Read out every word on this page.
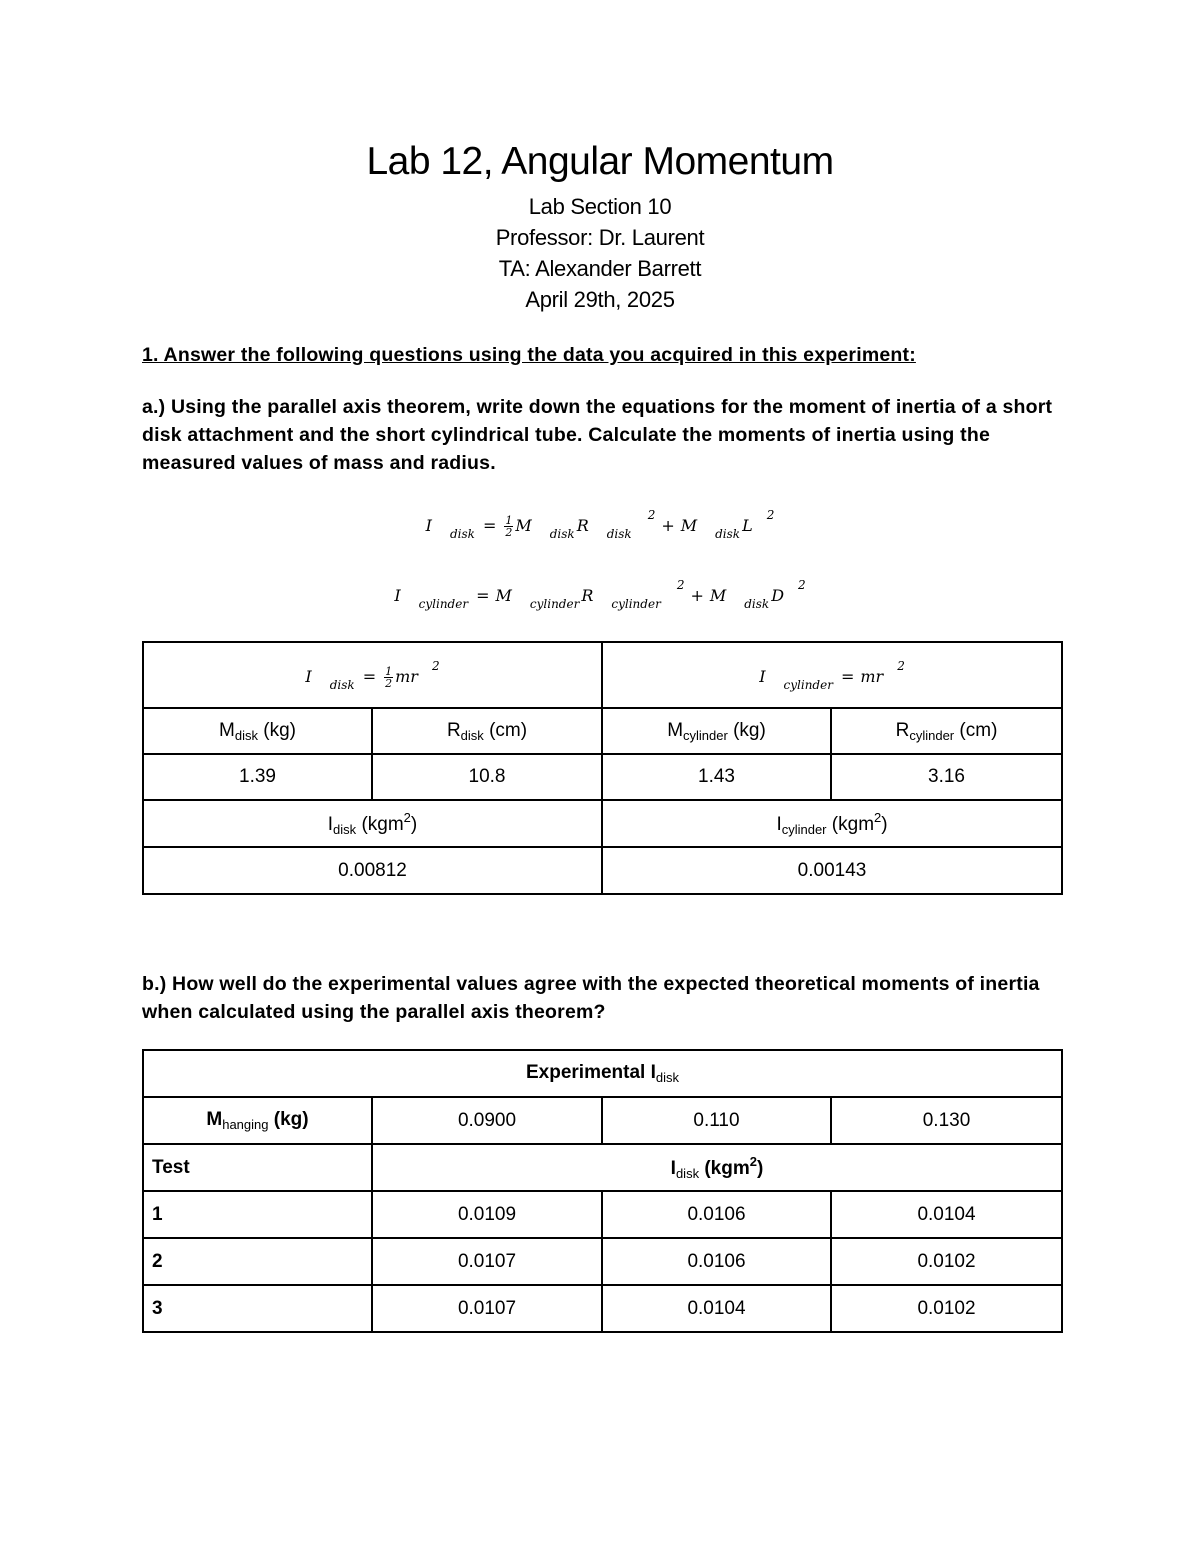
Lab 12, Angular Momentum
Lab Section 10
Professor: Dr. Laurent
TA: Alexander Barrett
April 29th, 2025
1. Answer the following questions using the data you acquired in this experiment:
a.) Using the parallel axis theorem, write down the equations for the moment of inertia of a short disk attachment and the short cylindrical tube. Calculate the moments of inertia using the measured values of mass and radius.
I $_{disk} = \frac{1}{2}$ M $_{disk}$ R $_{disk}^2$+ M $_{disk}$ $L^2$
I $_{cylinder}$ = M $_{cylinder}$ R $_{cylinder}^2$+ M $_{disk}$ $D^2$
I $_{disk} = \frac{1}{2} mr^2$		I $_{cylinder} = mr^2$
$M_{disk}$ (kg)	$R_{disk}$ (cm)	$M_{cylinder}$ (kg)	$R_{cylinder}$ (cm)
1.39	10.8	1.43	3.16
$I_{disk}$ (kgm$^2$)		$I_{cylinder}$ (kgm$^2$)	
0.00812		0.00143	
b.) How well do the experimental values agree with the expected theoretical moments of inertia when calculated using the parallel axis theorem?
Experimental $I_{disk}$
$M_{hanging}$ (kg)	0.0900	0.110	0.130
Test	$I_{disk}$ (kgm$^2$)		
1	0.0109	0.0106	0.0104
2	0.0107	0.0106	0.0102
3	0.0107	0.0104	0.0102
